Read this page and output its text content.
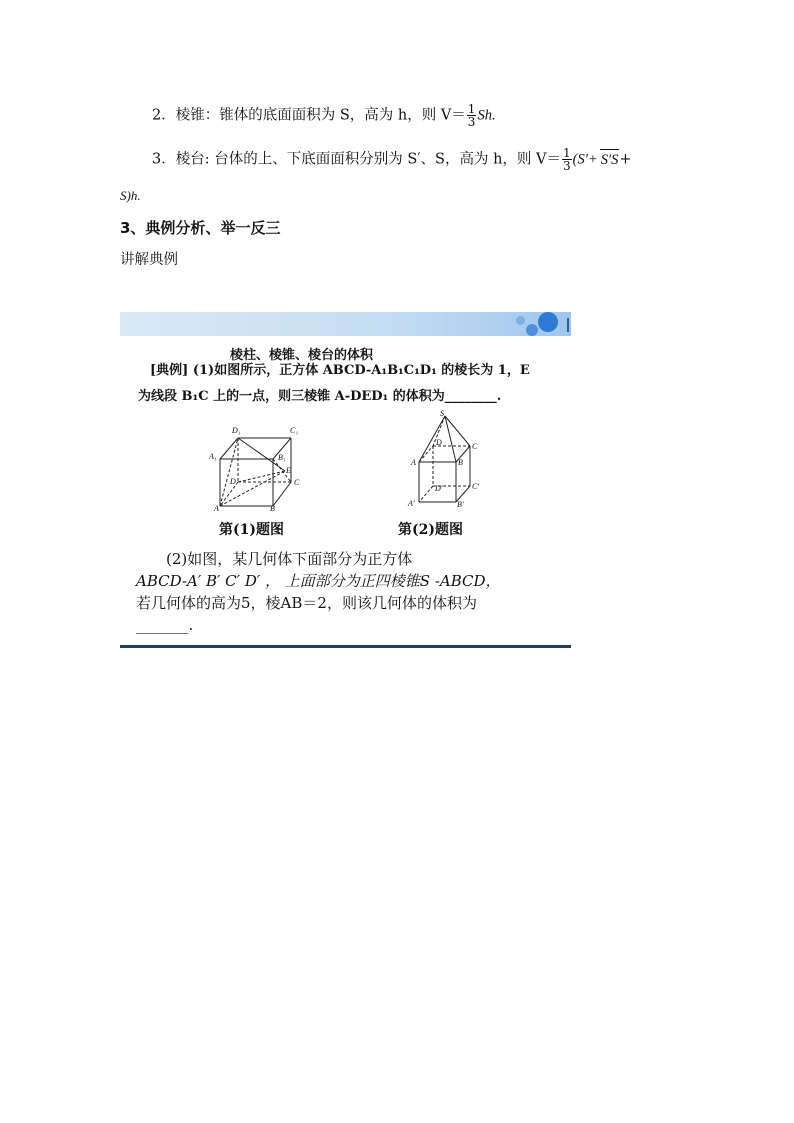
2．棱锥：锥体的底面面积为 S，高为 h，则 $V= \frac{1}{3} Sh$.
3．棱台: 台体的上、下底面面积分别为 S′、S，高为 h，则 $V= \frac{1}{3} (S'+ S'S+$
S)h.
3、典例分析、举一反三
讲解典例
棱柱、棱锥、棱台的体积
[典例] (1)如图所示，正方体 ABCD-A₁B₁C₁D₁ 的棱长为 1，E
为线段 B₁C 上的一点，则三棱锥 A-DED₁ 的体积为________.
D₁	C₁
A₁	B₁
E
D	C
A	B
S
D	C
A	B
D′	C′
A′	B′
第(1)题图	第(2)题图
(2)如图，某几何体下面部分为正方体
ABCD-A′ B′ C′ D′ ， 上面部分为正四棱锥S -ABCD，
若几何体的高为5，棱AB＝2，则该几何体的体积为
_______.
